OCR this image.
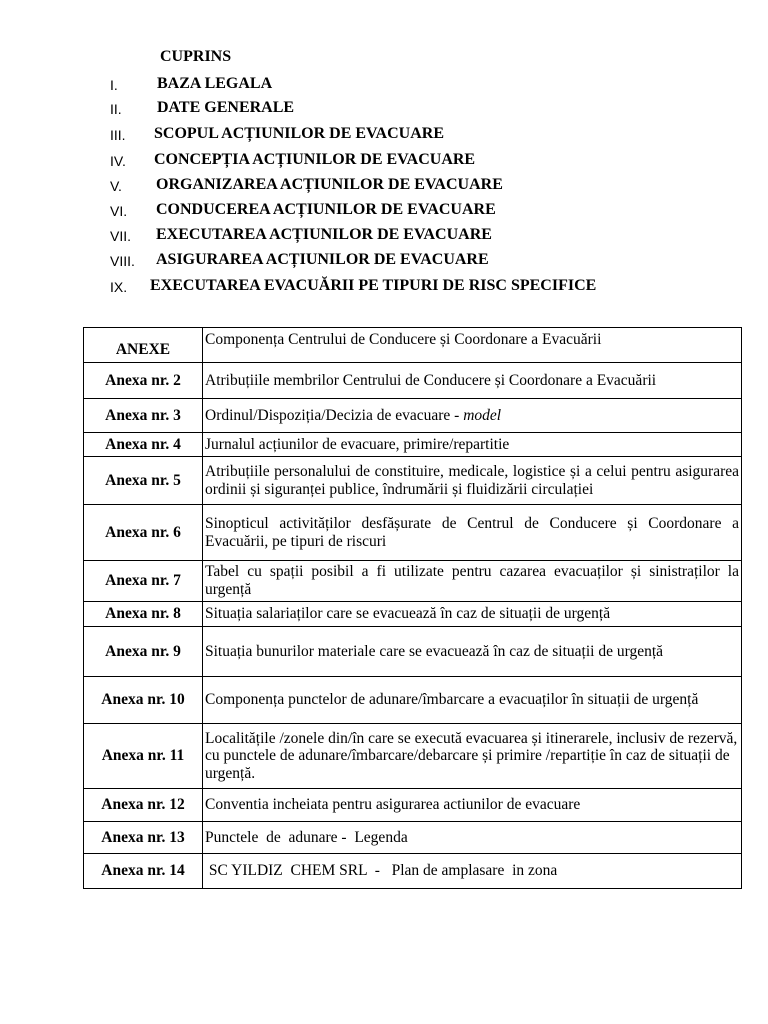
CUPRINS
I. BAZA LEGALA
II. DATE GENERALE
III. SCOPUL ACȚIUNILOR DE EVACUARE
IV. CONCEPȚIA ACȚIUNILOR DE EVACUARE
V. ORGANIZAREA ACȚIUNILOR DE EVACUARE
VI. CONDUCEREA ACȚIUNILOR DE EVACUARE
VII. EXECUTAREA ACȚIUNILOR DE EVACUARE
VIII. ASIGURAREA ACȚIUNILOR DE EVACUARE
IX. EXECUTAREA EVACUĂRII PE TIPURI DE RISC SPECIFICE
ANEXE	Componența Centrului de Conducere și Coordonare a Evacuării
Anexa nr. 2	Atribuțiile membrilor Centrului de Conducere și Coordonare a Evacuării
Anexa nr. 3	Ordinul/Dispoziția/Decizia de evacuare - model
Anexa nr. 4	Jurnalul acțiunilor de evacuare, primire/repartitie
Anexa nr. 5	Atribuțiile personalului de constituire, medicale, logistice și a celui pentru asigurarea ordinii și siguranței publice, îndrumării și fluidizării circulației
Anexa nr. 6	Sinopticul activităților desfășurate de Centrul de Conducere și Coordonare a Evacuării, pe tipuri de riscuri
Anexa nr. 7	Tabel cu spații posibil a fi utilizate pentru cazarea evacuaților și sinistraților la urgență

Anexa nr. 8	Situația salariaților care se evacuează în caz de situații de urgență
Anexa nr. 9	Situația bunurilor materiale care se evacuează în caz de situații de urgență
Anexa nr. 10	Componența punctelor de adunare/îmbarcare a evacuaților în situații de urgență
Anexa nr. 11	Localitățile /zonele din/în care se execută evacuarea și itinerarele, inclusiv de rezervă, cu punctele de adunare/îmbarcare/debarcare și primire /repartiție în caz de situații de urgență.
Anexa nr. 12	Conventia incheiata pentru asigurarea actiunilor de evacuare
Anexa nr. 13	Punctele  de  adunare -  Legenda
Anexa nr. 14	SC YILDIZ  CHEM SRL  -   Plan de amplasare  in zona
